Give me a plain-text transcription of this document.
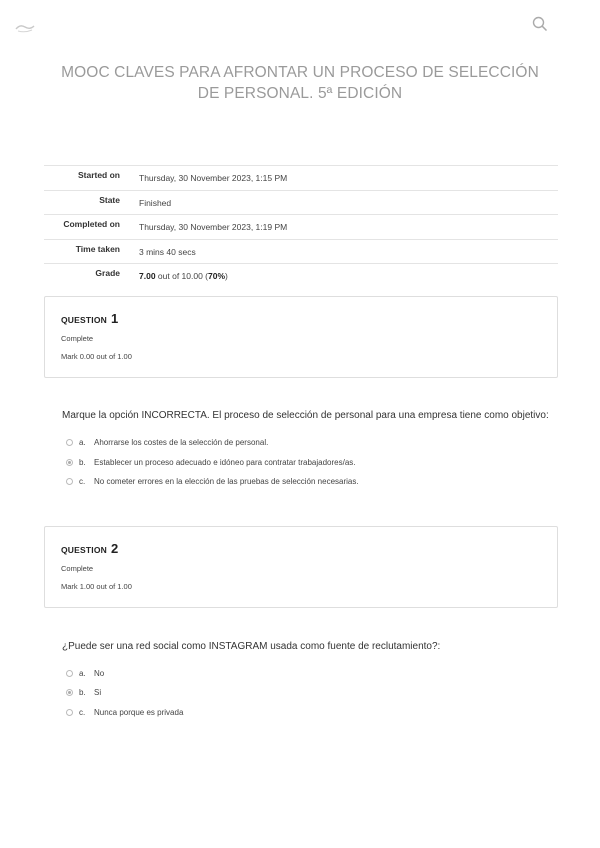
MOOC CLAVES PARA AFRONTAR UN PROCESO DE SELECCIÓN DE PERSONAL. 5ª EDICIÓN
Started on	Thursday, 30 November 2023, 1:15 PM
State	Finished
Completed on	Thursday, 30 November 2023, 1:19 PM
Time taken	3 mins 40 secs
Grade	7.00 out of 10.00 (70%)
QUESTION 1
Complete
Mark 0.00 out of 1.00
Marque la opción INCORRECTA. El proceso de selección de personal para una empresa tiene como objetivo:
a.	Ahorrarse los costes de la selección de personal.
b.	Establecer un proceso adecuado e idóneo para contratar trabajadores/as.
c.	No cometer errores en la elección de las pruebas de selección necesarias.
QUESTION 2
Complete
Mark 1.00 out of 1.00
¿Puede ser una red social como INSTAGRAM usada como fuente de reclutamiento?:
a.	No
b.	Si
c.	Nunca porque es privada
